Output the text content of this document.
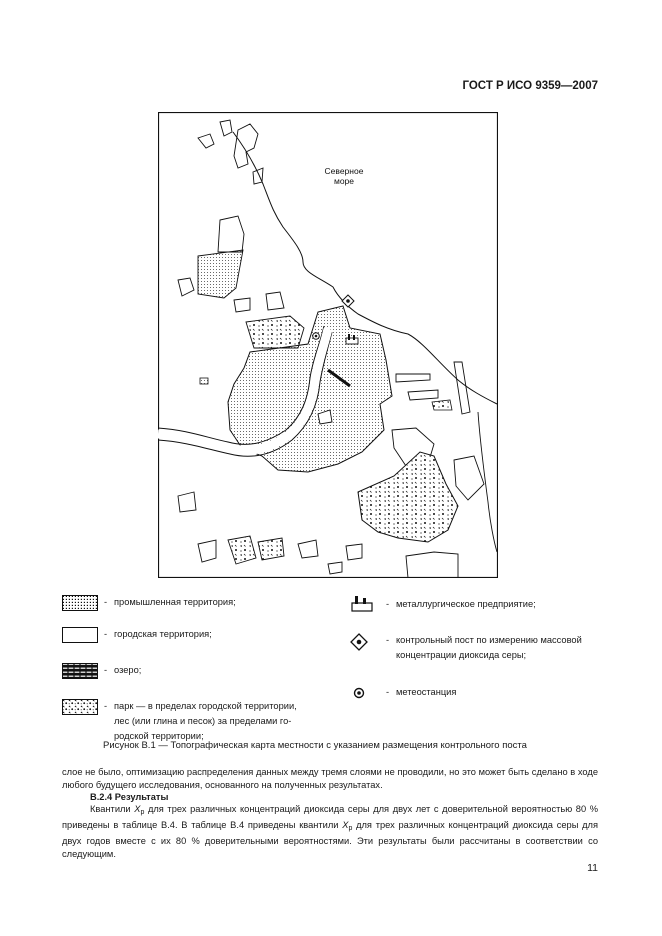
ГОСТ Р ИСО 9359—2007
Северное
море
- промышленная территория;
- городская территория;
- озеро;
- парк — в пределах городской территории,
лес (или глина и песок) за пределами го-
родской территории;
- металлургическое предприятие;
- контрольный пост по измерению массовой
концентрации диоксида серы;
- метеостанция
Рисунок В.1 — Топографическая карта местности с указанием размещения контрольного поста
слое не было, оптимизацию распределения данных между тремя слоями не проводили, но это может быть сделано в ходе любого будущего исследования, основанного на полученных результатах.
В.2.4 Результаты
Квантили $X_p$ для трех различных концентраций диоксида серы для двух лет с доверительной вероятностью 80 % приведены в таблице В.4. В таблице В.4 приведены квантили $X_p$ для трех различных концентраций диоксида серы для двух годов вместе с их 80 % доверительными вероятностями. Эти результаты были рассчитаны в соответствии со следующим.
11
